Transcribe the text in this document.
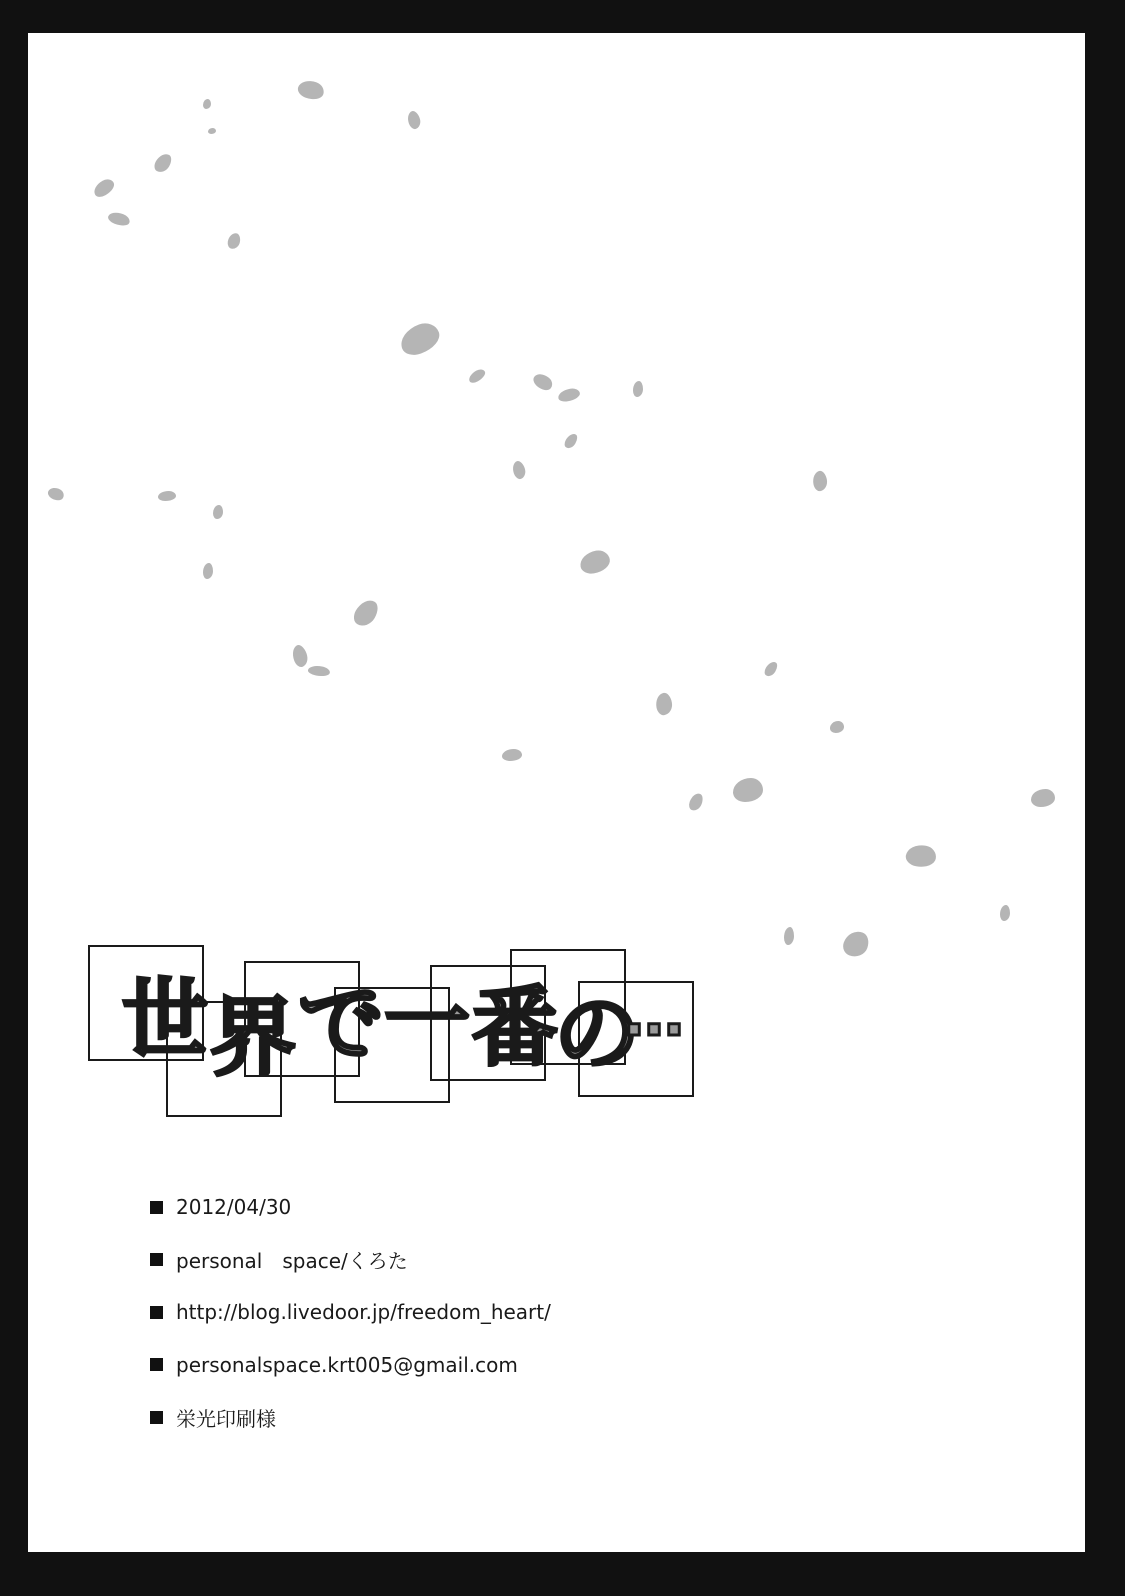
世 界 で 一 番
の
…
2012/04/30
personal　space/くろた
http://blog.livedoor.jp/freedom_heart/
personalspace.krt005@gmail.com
栄光印刷様
